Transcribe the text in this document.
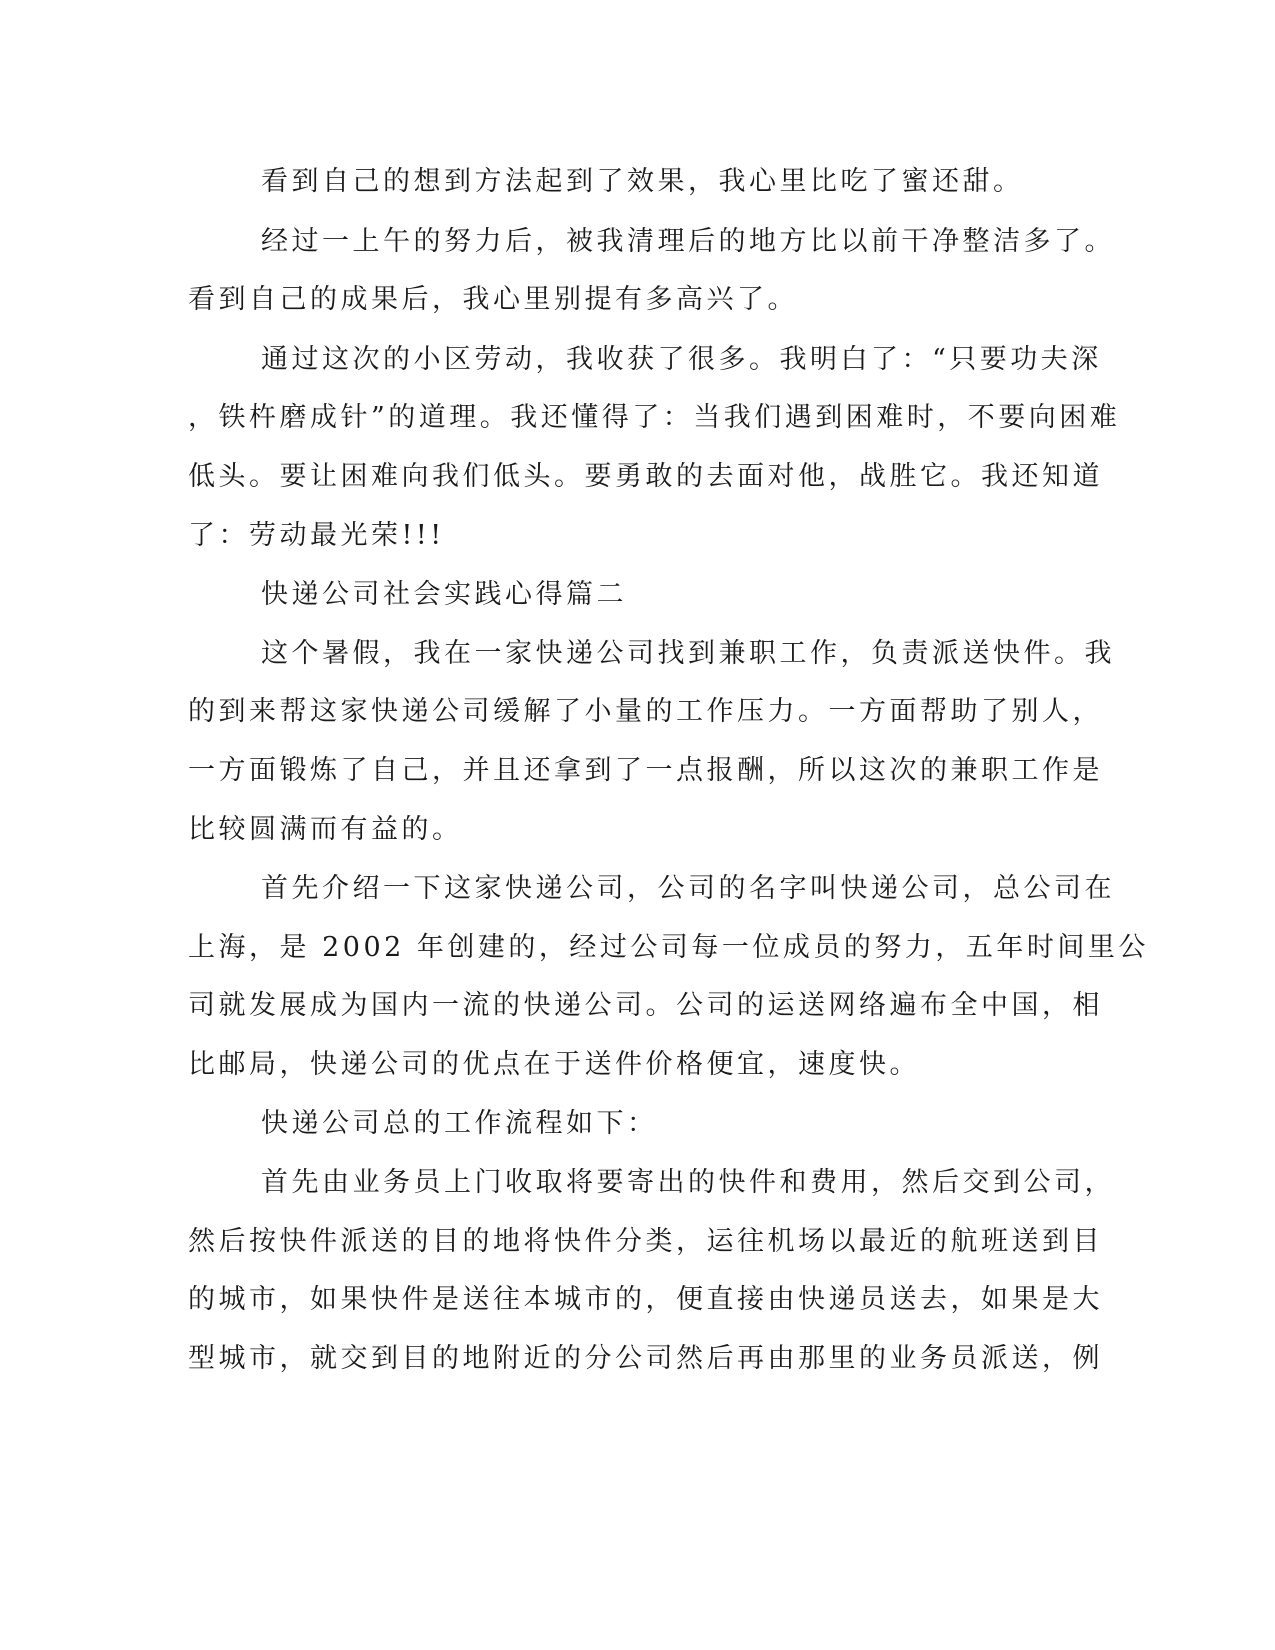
看到自己的想到方法起到了效果，我心里比吃了蜜还甜。
经过一上午的努力后，被我清理后的地方比以前干净整洁多了。
看到自己的成果后，我心里别提有多高兴了。
通过这次的小区劳动，我收获了很多。我明白了：“只要功夫深
，铁杵磨成针”的道理。我还懂得了：当我们遇到困难时，不要向困难
低头。要让困难向我们低头。要勇敢的去面对他，战胜它。我还知道
了：劳动最光荣!!!
快递公司社会实践心得篇二
这个暑假，我在一家快递公司找到兼职工作，负责派送快件。我
的到来帮这家快递公司缓解了小量的工作压力。一方面帮助了别人，
一方面锻炼了自己，并且还拿到了一点报酬，所以这次的兼职工作是
比较圆满而有益的。
首先介绍一下这家快递公司，公司的名字叫快递公司，总公司在
上海，是 2002 年创建的，经过公司每一位成员的努力，五年时间里公
司就发展成为国内一流的快递公司。公司的运送网络遍布全中国，相
比邮局，快递公司的优点在于送件价格便宜，速度快。
快递公司总的工作流程如下：
首先由业务员上门收取将要寄出的快件和费用，然后交到公司，
然后按快件派送的目的地将快件分类，运往机场以最近的航班送到目
的城市，如果快件是送往本城市的，便直接由快递员送去，如果是大
型城市，就交到目的地附近的分公司然后再由那里的业务员派送，例
